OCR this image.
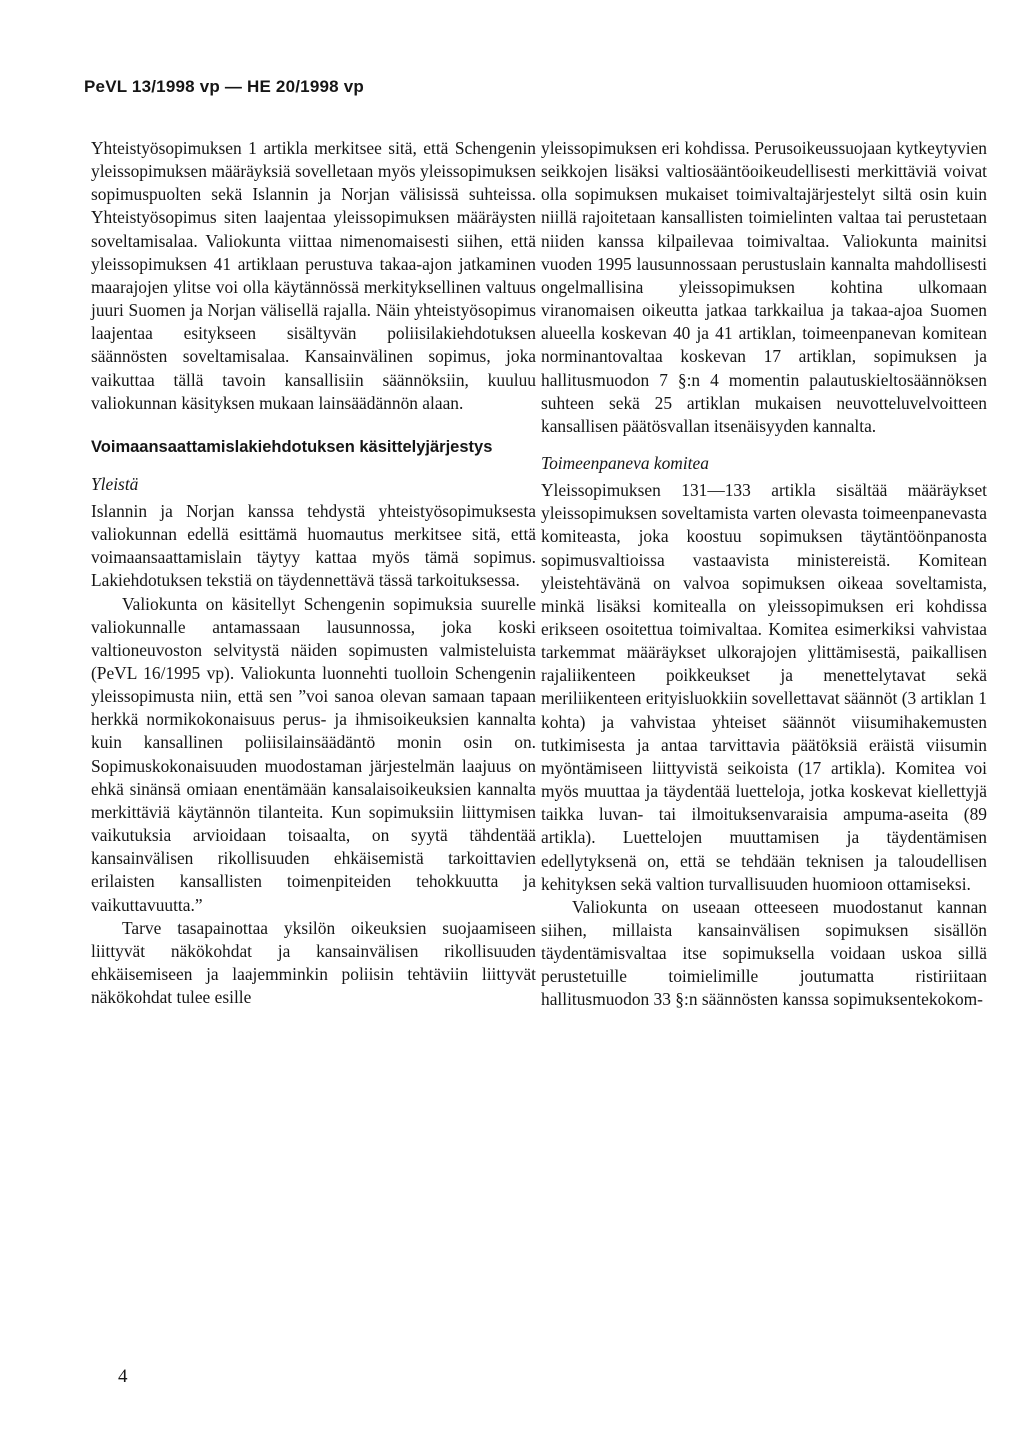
PeVL 13/1998 vp — HE 20/1998 vp

Yhteistyösopimuksen 1 artikla merkitsee sitä, että Schengenin yleissopimuksen määräyksiä sovelletaan myös yleissopimuksen sopimuspuolten sekä Islannin ja Norjan välisissä suhteissa. Yhteistyösopimus siten laajentaa yleissopimuksen määräysten soveltamisalaa. Valiokunta viittaa nimenomaisesti siihen, että yleissopimuksen 41 artiklaan perustuva takaa-ajon jatkaminen maarajojen ylitse voi olla käytännössä merkityksellinen valtuus juuri Suomen ja Norjan välisellä rajalla. Näin yhteistyösopimus laajentaa esitykseen sisältyvän poliisilakiehdotuksen säännösten soveltamisalaa. Kansainvälinen sopimus, joka vaikuttaa tällä tavoin kansallisiin säännöksiin, kuuluu valiokunnan käsityksen mukaan lainsäädännön alaan.

Voimaansaattamislakiehdotuksen käsittelyjärjestys
Yleistä

Islannin ja Norjan kanssa tehdystä yhteistyösopimuksesta valiokunnan edellä esittämä huomautus merkitsee sitä, että voimaansaattamislain täytyy kattaa myös tämä sopimus. Lakiehdotuksen tekstiä on täydennettävä tässä tarkoituksessa.

Valiokunta on käsitellyt Schengenin sopimuksia suurelle valiokunnalle antamassaan lausunnossa, joka koski valtioneuvoston selvitystä näiden sopimusten valmisteluista (PeVL 16/1995 vp). Valiokunta luonnehti tuolloin Schengenin yleissopimusta niin, että sen ”voi sanoa olevan samaan tapaan herkkä normikokonaisuus perus- ja ihmisoikeuksien kannalta kuin kansallinen poliisilainsäädäntö monin osin on. Sopimuskokonaisuuden muodostaman järjestelmän laajuus on ehkä sinänsä omiaan enentämään kansalaisoikeuksien kannalta merkittäviä käytännön tilanteita. Kun sopimuksiin liittymisen vaikutuksia arvioidaan toisaalta, on syytä tähdentää kansainvälisen rikollisuuden ehkäisemistä tarkoittavien erilaisten kansallisten toimenpiteiden tehokkuutta ja vaikuttavuutta.”

Tarve tasapainottaa yksilön oikeuksien suojaamiseen liittyvät näkökohdat ja kansainvälisen rikollisuuden ehkäisemiseen ja laajemminkin poliisin tehtäviin liittyvät näkökohdat tulee esille

yleissopimuksen eri kohdissa. Perusoikeussuojaan kytkeytyvien seikkojen lisäksi valtiosääntöoikeudellisesti merkittäviä voivat olla sopimuksen mukaiset toimivaltajärjestelyt siltä osin kuin niillä rajoitetaan kansallisten toimielinten valtaa tai perustetaan niiden kanssa kilpailevaa toimivaltaa. Valiokunta mainitsi vuoden 1995 lausunnossaan perustuslain kannalta mahdollisesti ongelmallisina yleissopimuksen kohtina ulkomaan viranomaisen oikeutta jatkaa tarkkailua ja takaa-ajoa Suomen alueella koskevan 40 ja 41 artiklan, toimeenpanevan komitean norminantovaltaa koskevan 17 artiklan, sopimuksen ja hallitusmuodon 7 §:n 4 momentin palautuskieltosäännöksen suhteen sekä 25 artiklan mukaisen neuvotteluvelvoitteen kansallisen päätösvallan itsenäisyyden kannalta.

Toimeenpaneva komitea

Yleissopimuksen 131—133 artikla sisältää määräykset yleissopimuksen soveltamista varten olevasta toimeenpanevasta komiteasta, joka koostuu sopimuksen täytäntöönpanosta sopimusvaltioissa vastaavista ministereistä. Komitean yleistehtävänä on valvoa sopimuksen oikeaa soveltamista, minkä lisäksi komitealla on yleissopimuksen eri kohdissa erikseen osoitettua toimivaltaa. Komitea esimerkiksi vahvistaa tarkemmat määräykset ulkorajojen ylittämisestä, paikallisen rajaliikenteen poikkeukset ja menettelytavat sekä meriliikenteen erityisluokkiin sovellettavat säännöt (3 artiklan 1 kohta) ja vahvistaa yhteiset säännöt viisumihakemusten tutkimisesta ja antaa tarvittavia päätöksiä eräistä viisumin myöntämiseen liittyvistä seikoista (17 artikla). Komitea voi myös muuttaa ja täydentää luetteloja, jotka koskevat kiellettyjä taikka luvan- tai ilmoituksenvaraisia ampuma-aseita (89 artikla). Luettelojen muuttamisen ja täydentämisen edellytyksenä on, että se tehdään teknisen ja taloudellisen kehityksen sekä valtion turvallisuuden huomioon ottamiseksi.

Valiokunta on useaan otteeseen muodostanut kannan siihen, millaista kansainvälisen sopimuksen sisällön täydentämisvaltaa itse sopimuksella voidaan uskoa sillä perustetuille toimielimille joutumatta ristiriitaan hallitusmuodon 33 §:n säännösten kanssa sopimuksentekokom-

4
